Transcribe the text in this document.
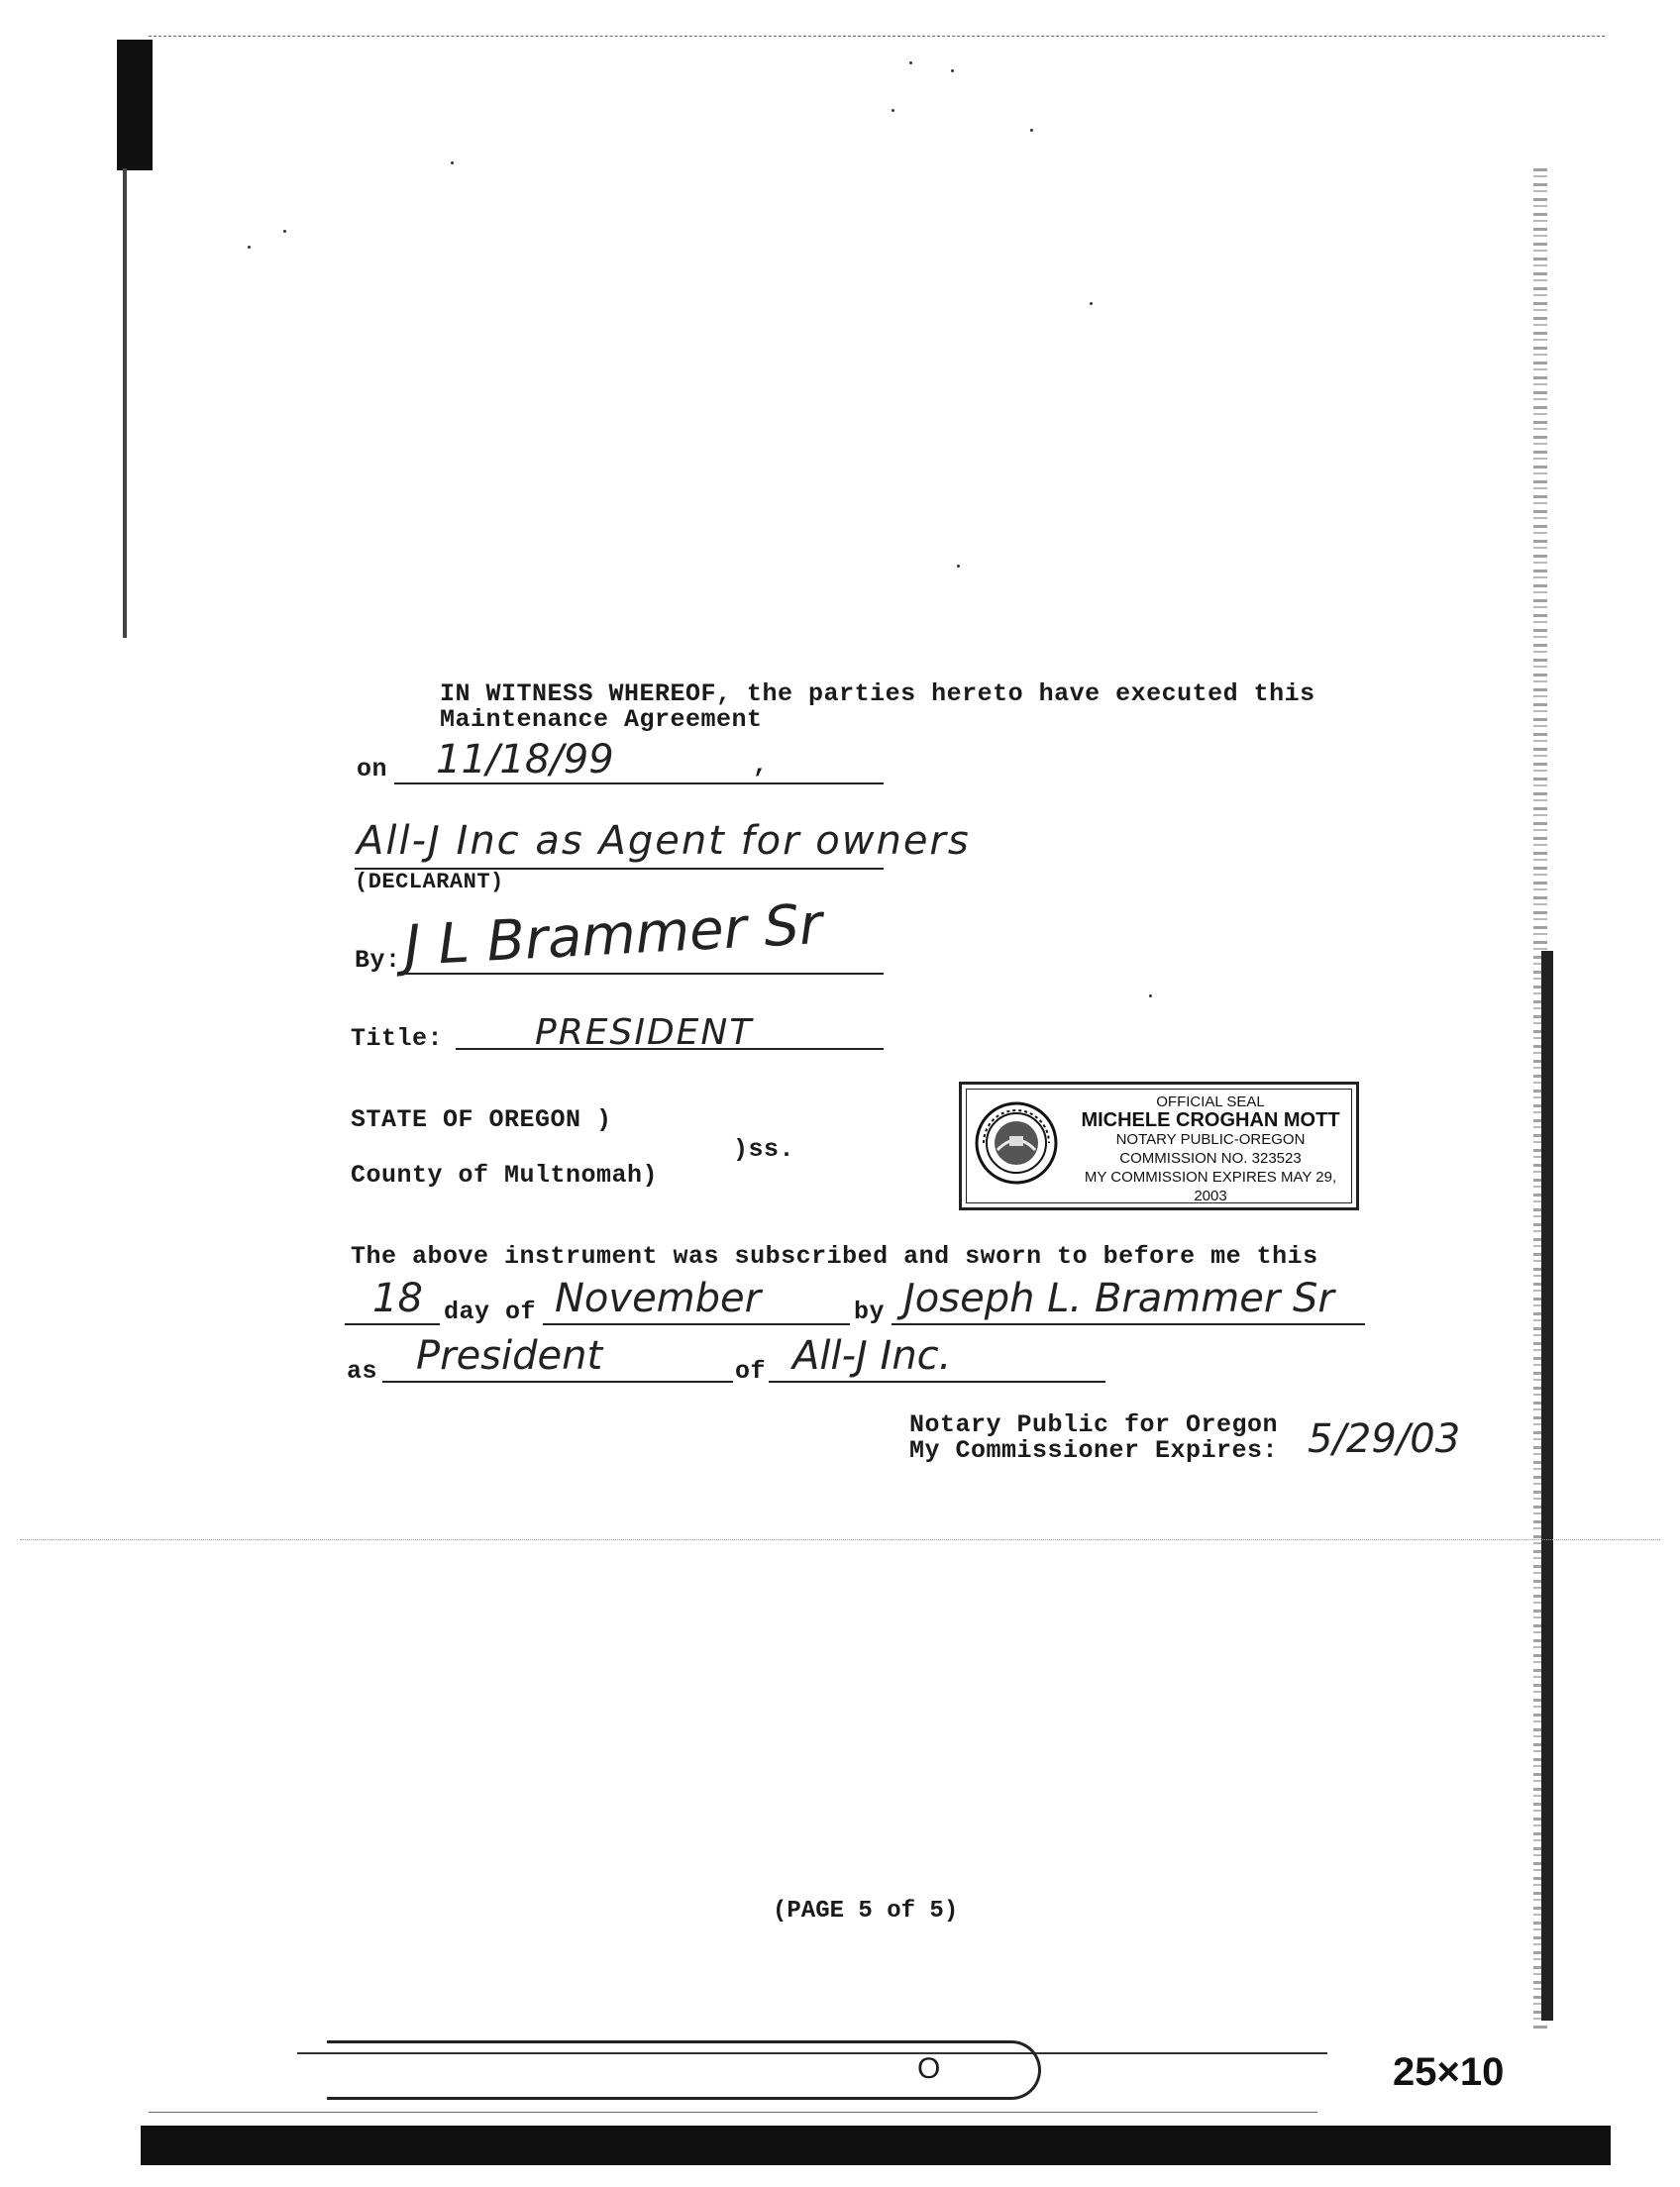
IN WITNESS WHEREOF, the parties hereto have executed this
Maintenance Agreement
on 11/18/99	,
All-J Inc as Agent for owners
(DECLARANT)
By: J L Brammer Sr
Title:	PRESIDENT
STATE OF OREGON )
)ss.
County of Multnomah)
OFFICIAL SEAL
MICHELE CROGHAN MOTT
NOTARY PUBLIC-OREGON
COMMISSION NO. 323523
MY COMMISSION EXPIRES MAY 29, 2003
The above instrument was subscribed and sworn to before me this
18 day of November	by Joseph L. Brammer Sr
as President	of All-J Inc.
Notary Public for Oregon
My Commissioner Expires: 5/29/03
(PAGE 5 of 5)
O	25×10
